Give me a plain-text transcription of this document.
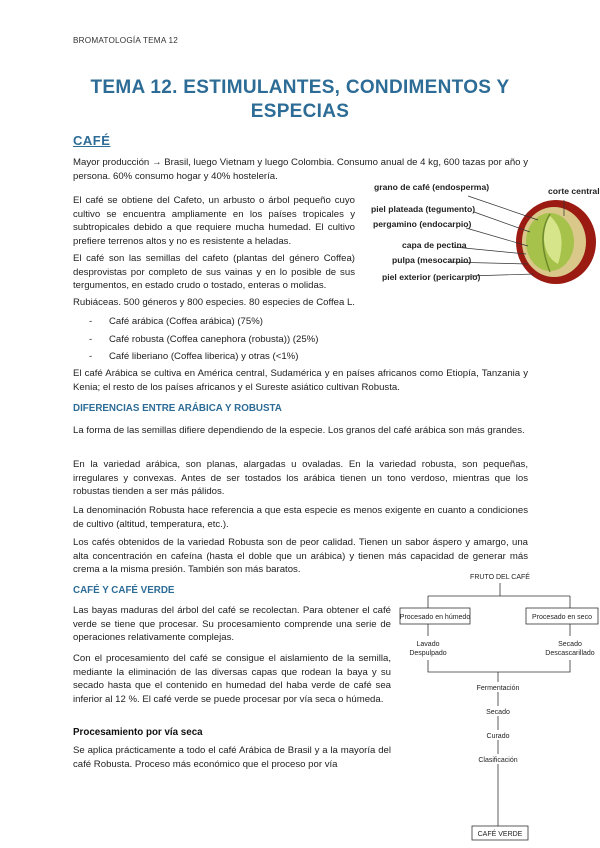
BROMATOLOGÍA TEMA 12
TEMA 12. ESTIMULANTES, CONDIMENTOS Y
ESPECIAS
CAFÉ

Mayor producción → Brasil, luego Vietnam y luego Colombia. Consumo anual de 4 kg, 600 tazas por año y persona. 60% consumo hogar y 40% hostelería.

El café se obtiene del Cafeto, un arbusto o árbol pequeño cuyo cultivo se encuentra ampliamente en los países tropicales y subtropicales debido a que requiere mucha humedad. El cultivo prefiere terrenos altos y no es resistente a heladas.

El café son las semillas del cafeto (plantas del género Coffea) desprovistas por completo de sus vainas y en lo posible de sus tergumentos, en estado crudo o tostado, enteras o molidas.

grano de café (endosperma)	corte central
piel plateada (tegumento)
pergamino (endocarpio)
capa de pectina
pulpa (mesocarpio)
piel exterior (pericarpio)

Rubiáceas. 500 géneros y 800 especies. 80 especies de Coffea L.

- Café arábica (Coffea arábica) (75%)
- Café robusta (Coffea canephora (robusta)) (25%)
- Café liberiano (Coffea liberica) y otras (<1%)

El café Arábica se cultiva en América central, Sudamérica y en países africanos como Etiopía, Tanzania y Kenia; el resto de los países africanos y el Sureste asiático cultivan Robusta.

DIFERENCIAS ENTRE ARÁBICA Y ROBUSTA

La forma de las semillas difiere dependiendo de la especie. Los granos del café arábica son más grandes.

En la variedad arábica, son planas, alargadas u ovaladas. En la variedad robusta, son pequeñas, irregulares y convexas. Antes de ser tostados los arábica tienen un tono verdoso, mientras que los robustas tienden a ser más pálidos.

La denominación Robusta hace referencia a que esta especie es menos exigente en cuanto a condiciones de cultivo (altitud, temperatura, etc.).

Los cafés obtenidos de la variedad Robusta son de peor calidad. Tienen un sabor áspero y amargo, una alta concentración en cafeína (hasta el doble que un arábica) y tienen más capacidad de generar más crema a la misma presión. También son más baratos.

CAFÉ Y CAFÉ VERDE

Las bayas maduras del árbol del café se recolectan. Para obtener el café verde se tiene que procesar. Su procesamiento comprende una serie de operaciones relativamente complejas.

Con el procesamiento del café se consigue el aislamiento de la semilla, mediante la eliminación de las diversas capas que rodean la baya y su secado hasta que el contenido en humedad del haba verde de café sea inferior al 12 %. El café verde se puede procesar por vía seca o húmeda.

Procesamiento por vía seca

Se aplica prácticamente a todo el café Arábica de Brasil y a la mayoría del café Robusta. Proceso más económico que el proceso por vía

FRUTO DEL CAFÉ
Procesado en húmedo	Procesado en seco
Lavado
Despulpado
Secado
Descascarillado
Fermentación
Secado
Curado
Clasificación
CAFÉ VERDE
